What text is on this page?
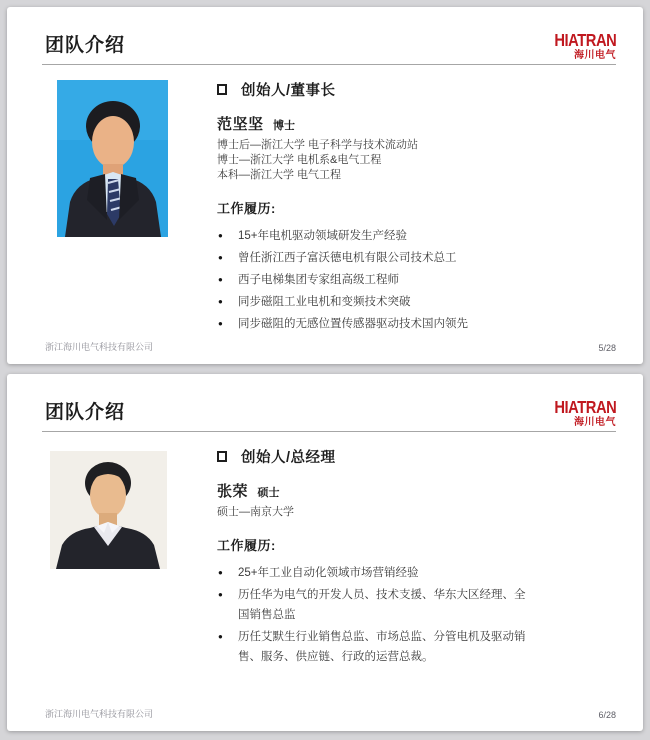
团队介绍	HIATRAN
海川电气
创始人/董事长
范坚坚 博士
博士后—浙江大学 电子科学与技术流动站
博士—浙江大学 电机系&电气工程
本科—浙江大学 电气工程
工作履历:
● 15+年电机驱动领域研发生产经验
● 曾任浙江西子富沃德电机有限公司技术总工
● 西子电梯集团专家组高级工程师
● 同步磁阻工业电机和变频技术突破
● 同步磁阻的无感位置传感器驱动技术国内领先
浙江海川电气科技有限公司	5/28
团队介绍	HIATRAN
海川电气
创始人/总经理
张荣 硕士
硕士—南京大学
工作履历:
● 25+年工业自动化领域市场营销经验
● 历任华为电气的开发人员、技术支援、华东大区经理、全国销售总监
● 历任艾默生行业销售总监、市场总监、分管电机及驱动销售、服务、供应链、行政的运营总裁。
浙江海川电气科技有限公司	6/28
